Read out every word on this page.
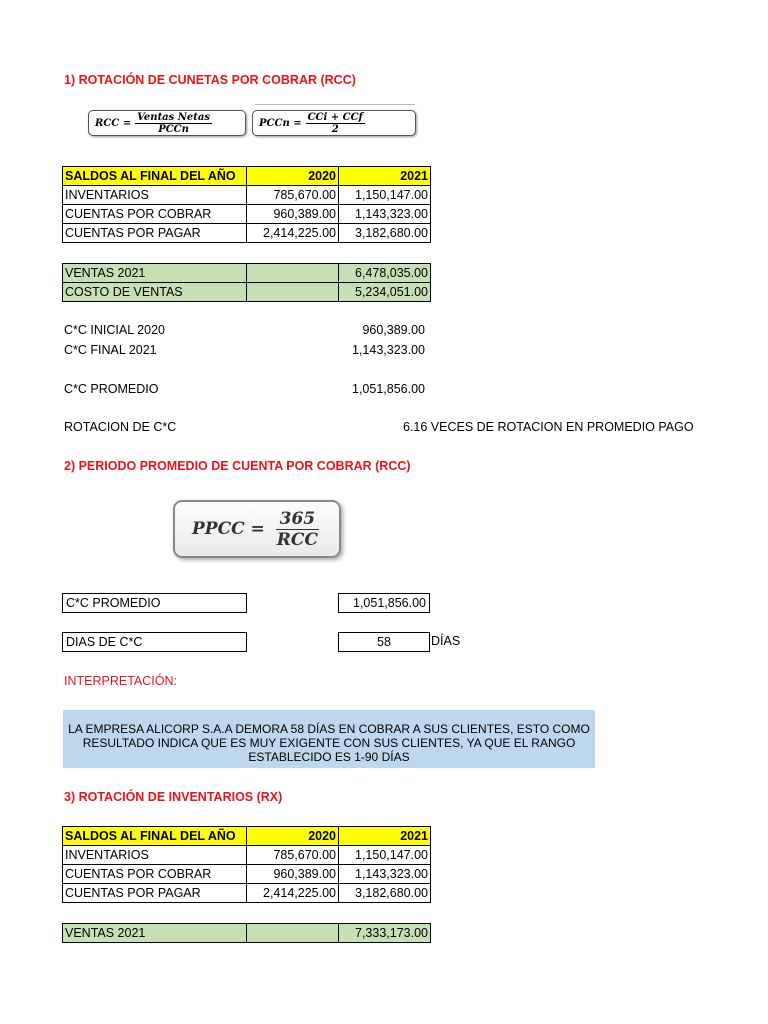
1) ROTACIÓN DE CUNETAS POR COBRAR (RCC)
RCC = $\frac{\text{Ventas Netas}}{\text{PCCn}}$	PCCn = $\frac{\text{CCi + CCf}}{2}$
SALDOS AL FINAL DEL AÑO	2020	2021
INVENTARIOS	785,670.00	1,150,147.00
CUENTAS POR COBRAR	960,389.00	1,143,323.00
CUENTAS POR PAGAR	2,414,225.00	3,182,680.00
VENTAS 2021		6,478,035.00
COSTO DE VENTAS		5,234,051.00
C*C INICIAL 2020	960,389.00
C*C FINAL 2021	1,143,323.00
C*C PROMEDIO	1,051,856.00
ROTACION DE C*C	6.16 VECES DE ROTACION EN PROMEDIO PAGO
2) PERIODO PROMEDIO DE CUENTA POR COBRAR (RCC)
PPCC = $\frac{365}{\text{RCC}}$
C*C PROMEDIO	1,051,856.00
DIAS DE C*C	58	DÍAS
INTERPRETACIÓN:
LA EMPRESA ALICORP S.A.A DEMORA 58 DÍAS EN COBRAR A SUS CLIENTES, ESTO COMO
RESULTADO INDICA QUE ES MUY EXIGENTE CON SUS CLIENTES, YA QUE EL RANGO
ESTABLECIDO ES 1-90 DÍAS
3) ROTACIÓN DE INVENTARIOS (RX)
SALDOS AL FINAL DEL AÑO	2020	2021
INVENTARIOS	785,670.00	1,150,147.00
CUENTAS POR COBRAR	960,389.00	1,143,323.00
CUENTAS POR PAGAR	2,414,225.00	3,182,680.00
VENTAS 2021		7,333,173.00
